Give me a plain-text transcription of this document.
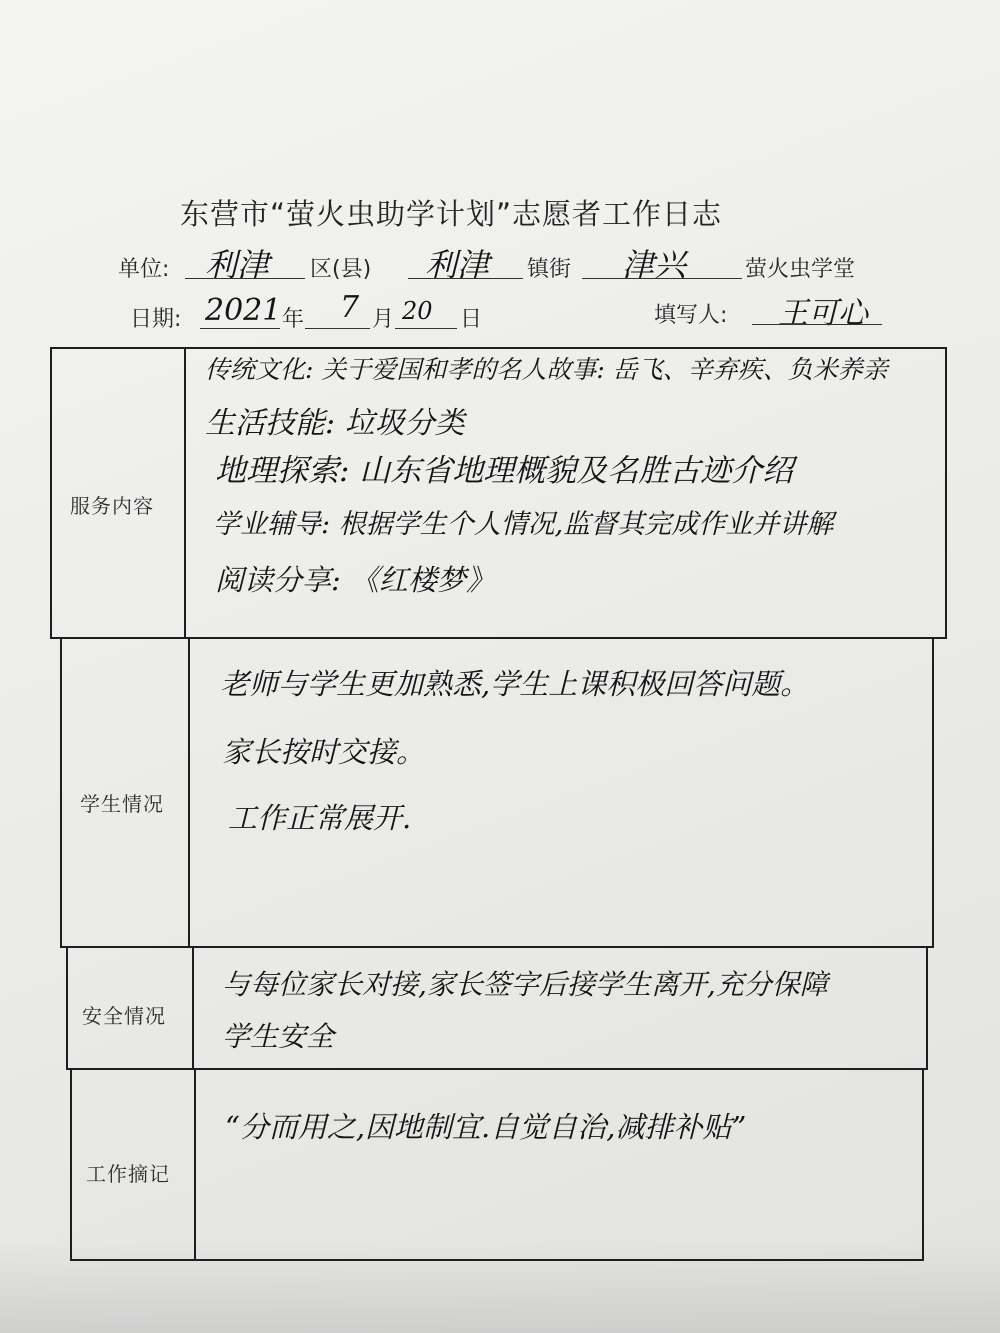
东营市“萤火虫助学计划”志愿者工作日志
单位: 利津 区(县) 利津 镇街 津兴	萤火虫学堂
日期: 2021 年 7 月 20 日	填写人: 王可心
服务内容
学生情况
安全情况
工作摘记
传统文化: 关于爱国和孝的名人故事: 岳飞、辛弃疾、负米养亲
生活技能: 垃圾分类
地理探索: 山东省地理概貌及名胜古迹介绍
学业辅导: 根据学生个人情况,监督其完成作业并讲解
阅读分享: 《红楼梦》
老师与学生更加熟悉,学生上课积极回答问题。
家长按时交接。
工作正常展开.
与每位家长对接,家长签字后接学生离开,充分保障
学生安全
“分而用之,因地制宜.自觉自治,减排补贴”
